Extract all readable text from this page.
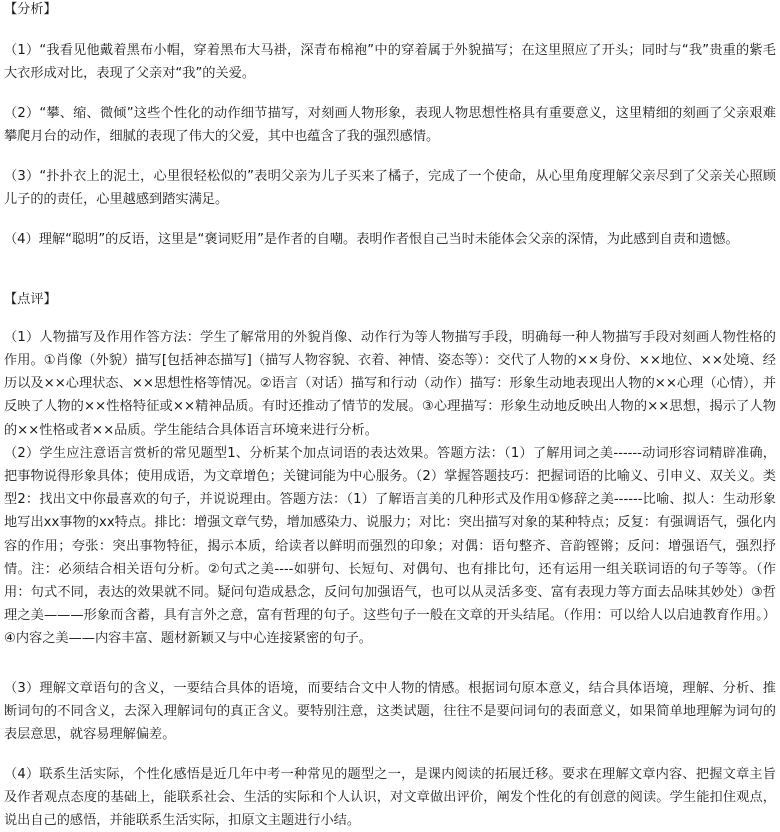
【分析】
（1）“我看见他戴着黑布小帽，穿着黑布大马褂，深青布棉袍”中的穿着属于外貌描写；在这里照应了开头；同时与“我”贵重的紫毛大衣形成对比，表现了父亲对“我”的关爱。
（2）“攀、缩、微倾”这些个性化的动作细节描写，对刻画人物形象，表现人物思想性格具有重要意义，这里精细的刻画了父亲艰难攀爬月台的动作，细腻的表现了伟大的父爱，其中也蕴含了我的强烈感情。
（3）“扑扑衣上的泥土，心里很轻松似的”表明父亲为儿子买来了橘子，完成了一个使命，从心里角度理解父亲尽到了父亲关心照顾儿子的的责任，心里越感到踏实满足。
（4）理解“聪明”的反语，这里是“褒词贬用”是作者的自嘲。表明作者恨自己当时未能体会父亲的深情，为此感到自责和遗憾。
【点评】
（1）人物描写及作用作答方法：学生了解常用的外貌肖像、动作行为等人物描写手段，明确每一种人物描写手段对刻画人物性格的作用。①肖像（外貌）描写[包括神态描写]（描写人物容貌、衣着、神情、姿态等）：交代了人物的××身份、××地位、××处境、经历以及××心理状态、××思想性格等情况。②语言（对话）描写和行动（动作）描写：形象生动地表现出人物的××心理（心情），并反映了人物的××性格特征或××精神品质。有时还推动了情节的发展。③心理描写：形象生动地反映出人物的××思想，揭示了人物的××性格或者××品质。学生能结合具体语言环境来进行分析。
（2）学生应注意语言赏析的常见题型1、分析某个加点词语的表达效果。答题方法：（1）了解用词之美------动词形容词精辟准确，把事物说得形象具体；使用成语，为文章增色；关键词能为中心服务。（2）掌握答题技巧：把握词语的比喻义、引申义、双关义。类型2：找出文中你最喜欢的句子，并说说理由。答题方法：（1）了解语言美的几种形式及作用①修辞之美------比喻、拟人：生动形象地写出xx事物的xx特点。排比：增强文章气势，增加感染力、说服力；对比：突出描写对象的某种特点；反复：有强调语气，强化内容的作用；夸张：突出事物特征，揭示本质，给读者以鲜明而强烈的印象；对偶：语句整齐、音韵铿锵；反问：增强语气，强烈抒情。注：必须结合相关语句分析。②句式之美----如骈句、长短句、对偶句、也有排比句，还有运用一组关联词语的句子等等。（作用：句式不同，表达的效果就不同。疑问句造成悬念，反问句加强语气，也可以从灵活多变、富有表现力等方面去品味其妙处）③哲理之美———形象而含蓄，具有言外之意，富有哲理的句子。这些句子一般在文章的开头结尾。（作用：可以给人以启迪教育作用。）④内容之美——内容丰富、题材新颖又与中心连接紧密的句子。
（3）理解文章语句的含义，一要结合具体的语境，而要结合文中人物的情感。根据词句原本意义，结合具体语境，理解、分析、推断词句的不同含义，去深入理解词句的真正含义。要特别注意，这类试题，往往不是要问词句的表面意义，如果简单地理解为词句的表层意思，就容易理解偏差。
（4）联系生活实际，个性化感悟是近几年中考一种常见的题型之一，是课内阅读的拓展迁移。要求在理解文章内容、把握文章主旨及作者观点态度的基础上，能联系社会、生活的实际和个人认识，对文章做出评价，阐发个性化的有创意的阅读。学生能扣住观点，说出自己的感悟，并能联系生活实际，扣原文主题进行小结。
